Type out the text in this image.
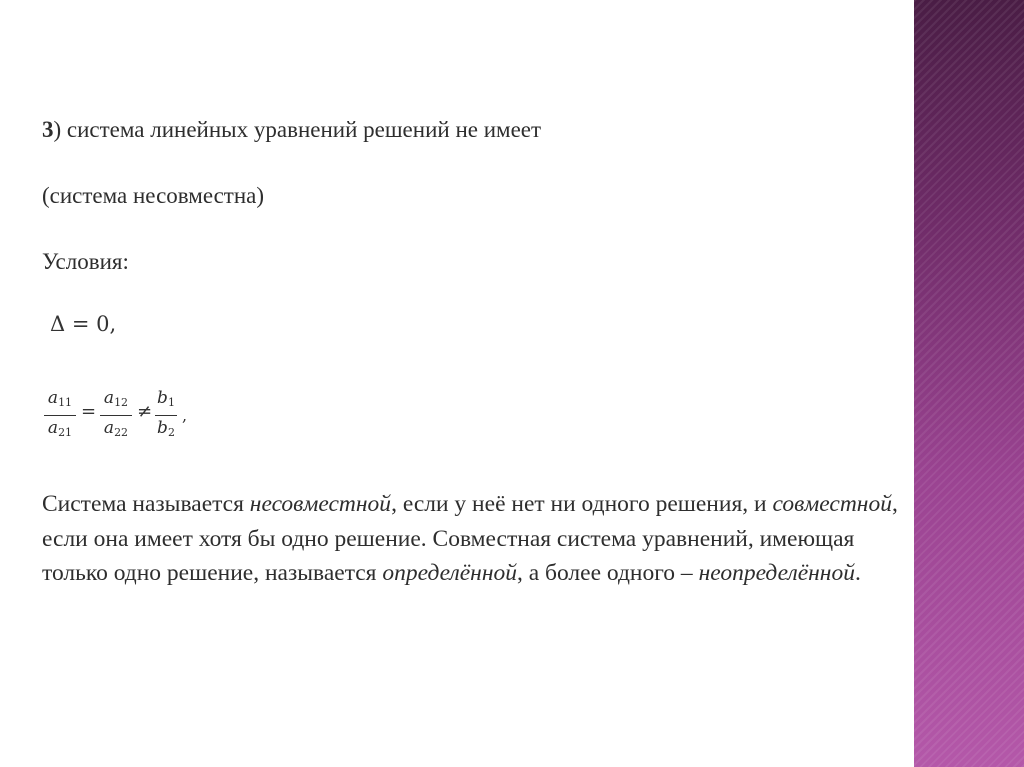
3) система линейных уравнений решений не имеет
(система несовместна)
Условия:
Δ = 0,
$a_{11}$
$a_{21}$
=
$a_{12}$
$a_{22}$
≠
$b_1$
$b_2$
,
Система называется несовместной, если у неё нет ни одного решения, и совместной, если она имеет хотя бы одно решение. Совместная система уравнений, имеющая только одно решение, называется определённой, а более одного – неопределённой.
